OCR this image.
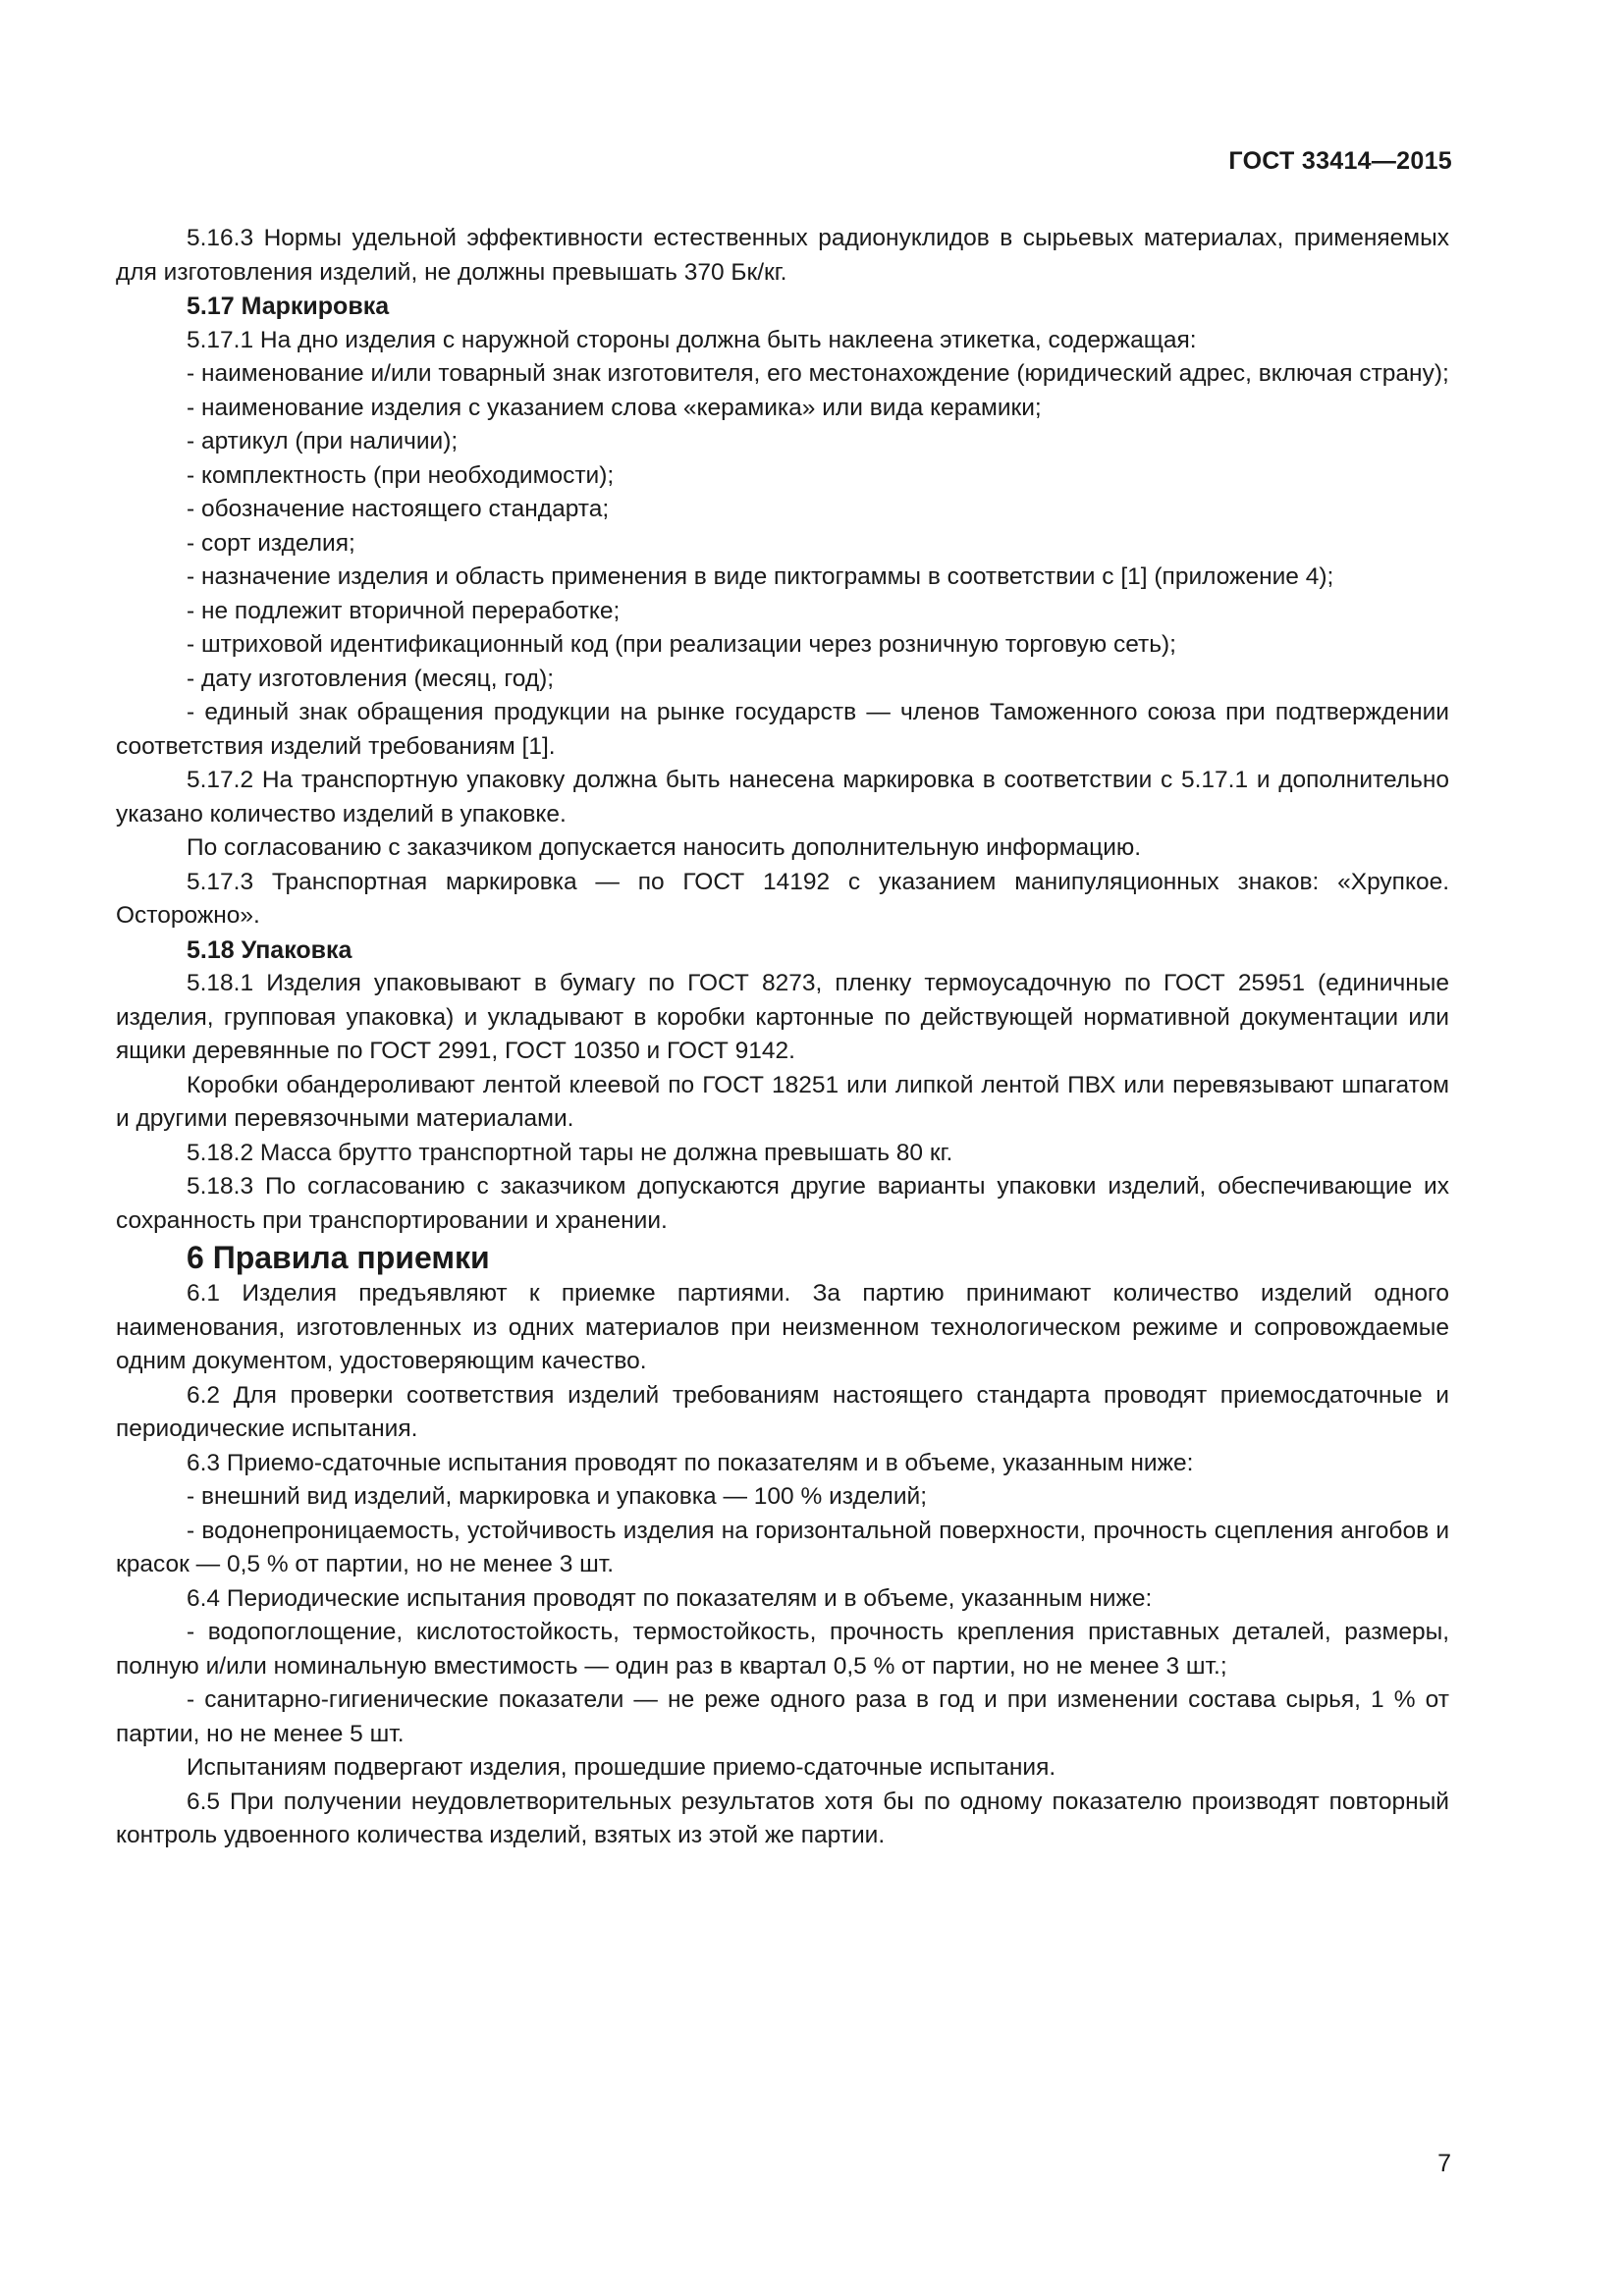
ГОСТ 33414—2015

5.16.3 Нормы удельной эффективности естественных радионуклидов в сырьевых материалах, применяемых для изготовления изделий, не должны превышать 370 Бк/кг.

5.17 Маркировка

5.17.1 На дно изделия с наружной стороны должна быть наклеена этикетка, содержащая:

- наименование и/или товарный знак изготовителя, его местонахождение (юридический адрес, включая страну);

- наименование изделия с указанием слова «керамика» или вида керамики;

- артикул (при наличии);

- комплектность (при необходимости);

- обозначение настоящего стандарта;

- сорт изделия;

- назначение изделия и область применения в виде пиктограммы в соответствии с [1] (приложение 4);

- не подлежит вторичной переработке;

- штриховой идентификационный код (при реализации через розничную торговую сеть);

- дату изготовления (месяц, год);

- единый знак обращения продукции на рынке государств — членов Таможенного союза при подтверждении соответствия изделий требованиям [1].

5.17.2 На транспортную упаковку должна быть нанесена маркировка в соответствии с 5.17.1 и дополнительно указано количество изделий в упаковке.

По согласованию с заказчиком допускается наносить дополнительную информацию.

5.17.3 Транспортная маркировка — по ГОСТ 14192 с указанием манипуляционных знаков: «Хрупкое. Осторожно».

5.18 Упаковка

5.18.1 Изделия упаковывают в бумагу по ГОСТ 8273, пленку термоусадочную по ГОСТ 25951 (единичные изделия, групповая упаковка) и укладывают в коробки картонные по действующей нормативной документации или ящики деревянные по ГОСТ 2991, ГОСТ 10350 и ГОСТ 9142.

Коробки обандероливают лентой клеевой по ГОСТ 18251 или липкой лентой ПВХ или перевязывают шпагатом и другими перевязочными материалами.

5.18.2 Масса брутто транспортной тары не должна превышать 80 кг.

5.18.3 По согласованию с заказчиком допускаются другие варианты упаковки изделий, обеспечивающие их сохранность при транспортировании и хранении.

6 Правила приемки

6.1 Изделия предъявляют к приемке партиями. За партию принимают количество изделий одного наименования, изготовленных из одних материалов при неизменном технологическом режиме и сопровождаемые одним документом, удостоверяющим качество.

6.2 Для проверки соответствия изделий требованиям настоящего стандарта проводят приемосдаточные и периодические испытания.

6.3 Приемо-сдаточные испытания проводят по показателям и в объеме, указанным ниже:

- внешний вид изделий, маркировка и упаковка — 100 % изделий;

- водонепроницаемость, устойчивость изделия на горизонтальной поверхности, прочность сцепления ангобов и красок — 0,5 % от партии, но не менее 3 шт.

6.4 Периодические испытания проводят по показателям и в объеме, указанным ниже:

- водопоглощение, кислотостойкость, термостойкость, прочность крепления приставных деталей, размеры, полную и/или номинальную вместимость — один раз в квартал 0,5 % от партии, но не менее 3 шт.;

- санитарно-гигиенические показатели — не реже одного раза в год и при изменении состава сырья, 1 % от партии, но не менее 5 шт.

Испытаниям подвергают изделия, прошедшие приемо-сдаточные испытания.

6.5 При получении неудовлетворительных результатов хотя бы по одному показателю производят повторный контроль удвоенного количества изделий, взятых из этой же партии.

7
